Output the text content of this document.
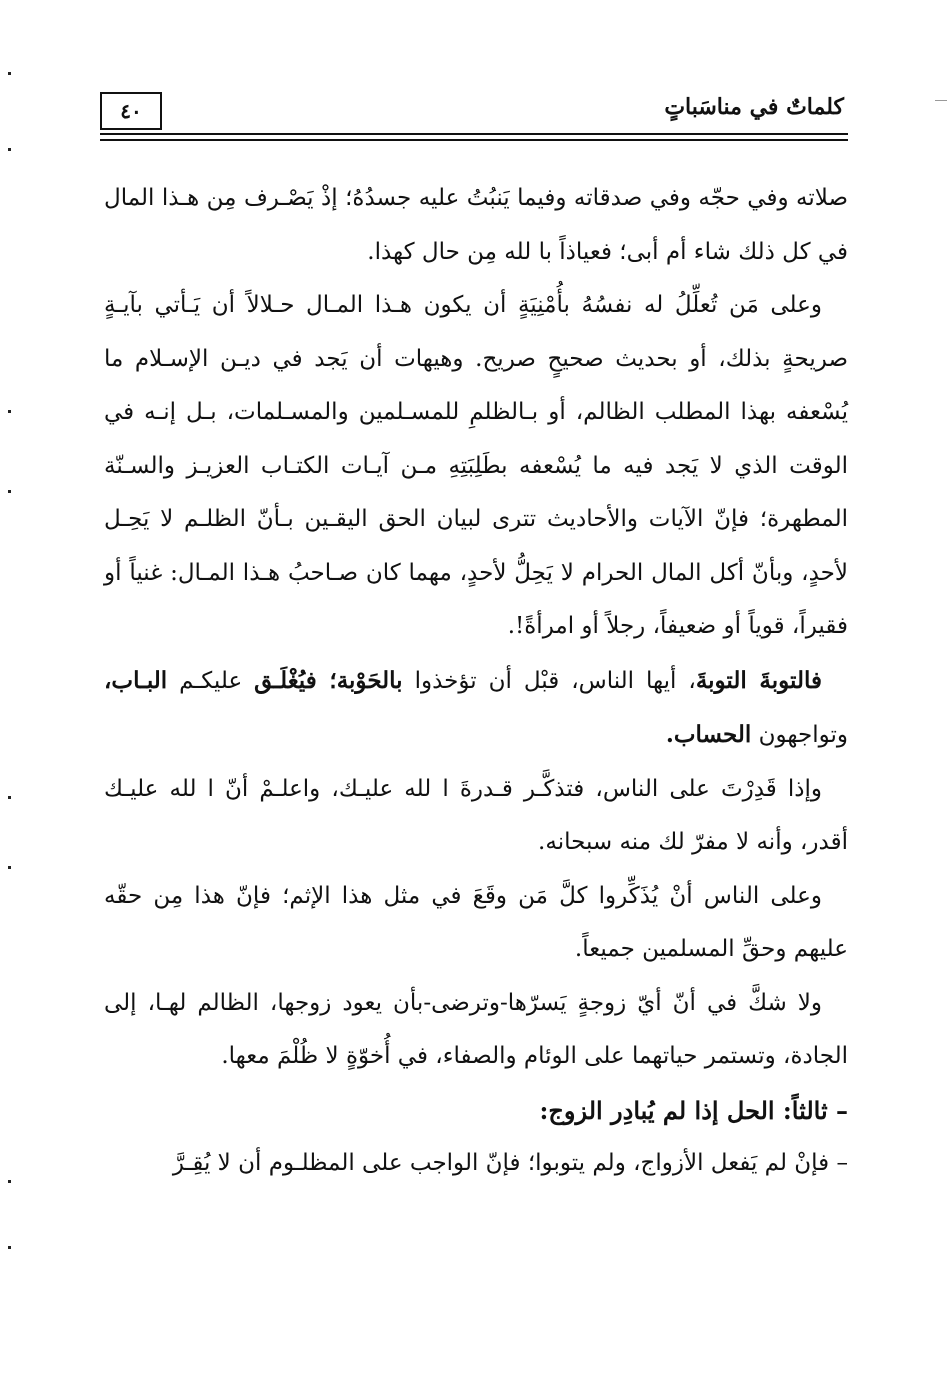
٤٠	كلماتٌ في مناسَباتٍ

صلاته وفي حجّه وفي صدقاته وفيما يَنبُتُ عليه جسدُهُ؛ إذْ يَصْـرف مِن هـذا المال في كل ذلك شاء أم أبى؛ فعياذاً با لله مِن حال كهذا.

وعلى مَن تُعلِّلُ له نفسُهُ بأُمْنِيَةٍ أن يكون هـذا المـال حـلالاً أن يَـأتي بآيـةٍ صريحةٍ بذلك، أو بحديث صحيحٍ صريح. وهيهات أن يَجد في ديـن الإسـلام ما يُسْعفه بهذا المطلب الظالم، أو بـالظلمِ للمسـلمين والمسـلمات، بـل إنـه في الوقت الذي لا يَجد فيه ما يُسْعفه بطَلِبَتِهِ مـن آيـات الكتـاب العزيـز والسـنّة المطهرة؛ فإنّ الآيات والأحاديث تترى لبيان الحق اليقـين بـأنّ الظلـم لا يَحِـل لأحدٍ، وبأنّ أكل المال الحرام لا يَحِلُّ لأحدٍ، مهما كان صـاحبُ هـذا المـال: غنياً أو فقيراً، قوياً أو ضعيفاً، رجلاً أو امرأةً!.

فالتوبةَ التوبةَ، أيها الناس، قبْل أن تؤخذوا بالحَوْبة؛ فيُغْلَـق عليكـم البـاب، وتواجهون الحساب.

وإذا قَدِرْتَ على الناس، فتذكَّـر قـدرةَ ا لله عليـك، واعلـمْ أنّ ا لله عليـك أقدر، وأنه لا مفرّ لك منه سبحانه.

وعلى الناس أنْ يُذَكِّروا كلَّ مَن وقَعَ في مثل هذا الإثم؛ فإنّ هذا مِن حقّه عليهم وحقِّ المسلمين جميعاً.

ولا شكَّ في أنّ أيّ زوجةٍ يَسرّها-وترضى-بأن يعود زوجها، الظالم لهـا، إلى الجادة، وتستمر حياتهما على الوئام والصفاء، في أُخوّةٍ لا ظُلْمَ معها.

– ثالثاً: الحل إذا لم يُبادِر الزوج:

– فإنْ لم يَفعل الأزواج، ولم يتوبوا؛ فإنّ الواجب على المظلـوم أن لا يُقِـرَّ
